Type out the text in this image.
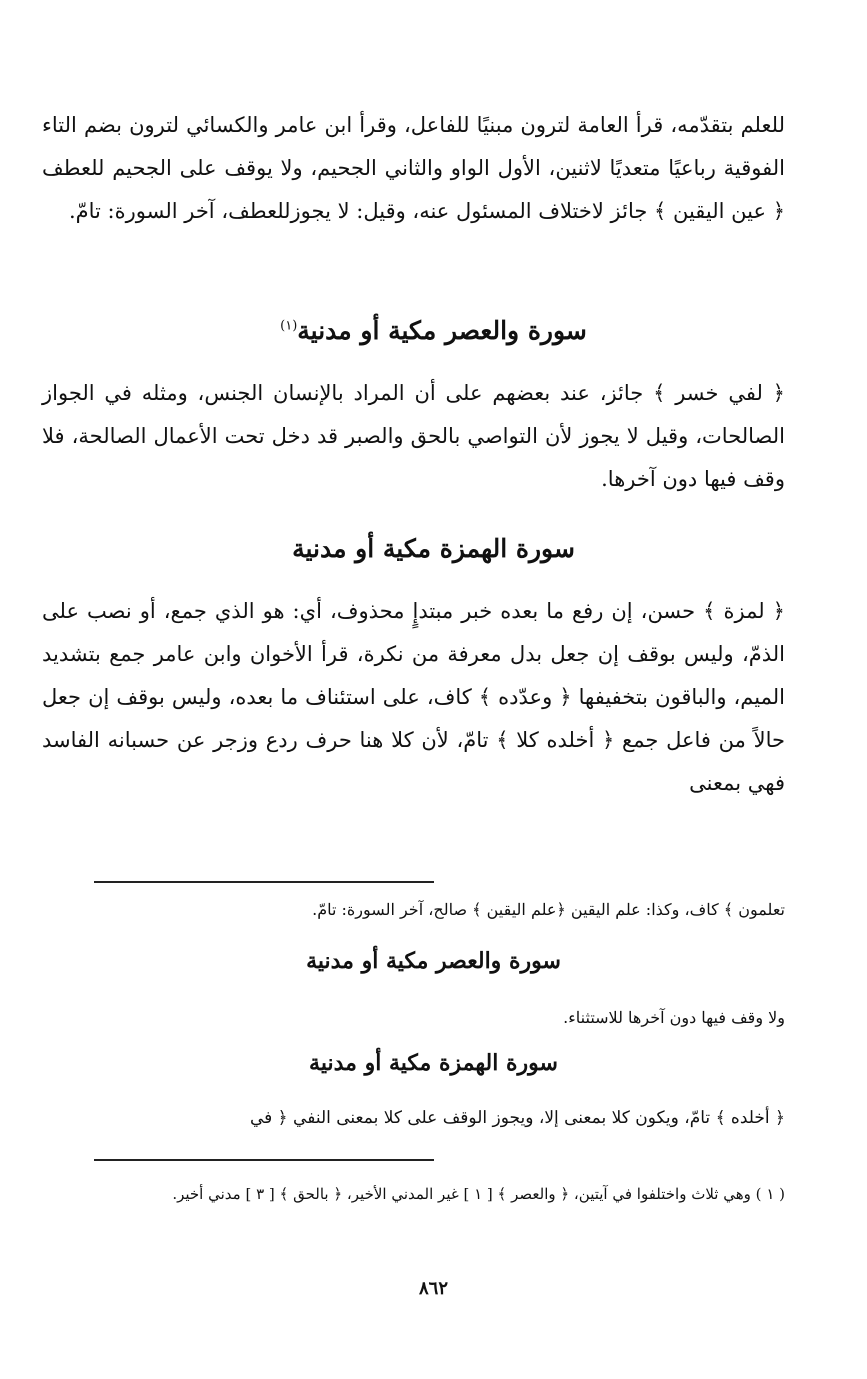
للعلم بتقدّمه، قرأ العامة لترون مبنيًا للفاعل، وقرأ ابن عامر والكسائي لترون بضم التاء الفوقية رباعيًا متعديًا لاثنين، الأول الواو والثاني الجحيم، ولا يوقف على الجحيم للعطف ﴿ عين اليقين ﴾ جائز لاختلاف المسئول عنه، وقيل: لا يجوزللعطف، آخر السورة: تامّ.
سورة والعصر مكية أو مدنية$^{(١)}$
﴿ لفي خسر ﴾ جائز، عند بعضهم على أن المراد بالإنسان الجنس، ومثله في الجواز الصالحات، وقيل لا يجوز لأن التواصي بالحق والصبر قد دخل تحت الأعمال الصالحة، فلا وقف فيها دون آخرها.
سورة الهمزة مكية أو مدنية
﴿ لمزة ﴾ حسن، إن رفع ما بعده خبر مبتدإٍ محذوف، أي: هو الذي جمع، أو نصب على الذمّ، وليس بوقف إن جعل بدل معرفة من نكرة، قرأ الأخوان وابن عامر جمع بتشديد الميم، والباقون بتخفيفها ﴿ وعدّده ﴾ كاف، على استئناف ما بعده، وليس بوقف إن جعل حالاً من فاعل جمع ﴿ أخلده كلا ﴾ تامّ، لأن كلا هنا حرف ردع وزجر عن حسبانه الفاسد فهي بمعنى
تعلمون ﴾ كاف، وكذا: علم اليقين ﴿علم اليقين ﴾ صالح، آخر السورة: تامّ.
سورة والعصر مكية أو مدنية
ولا وقف فيها دون آخرها للاستثناء.
سورة الهمزة مكية أو مدنية
﴿ أخلده ﴾ تامّ، ويكون كلا بمعنى إلا، ويجوز الوقف على كلا بمعنى النفي ﴿ في
( ١ ) وهي ثلاث واختلفوا في آيتين، ﴿ والعصر ﴾ [ ١ ] غير المدني الأخير، ﴿ بالحق ﴾ [ ٣ ] مدني أخير.
٨٦٢
